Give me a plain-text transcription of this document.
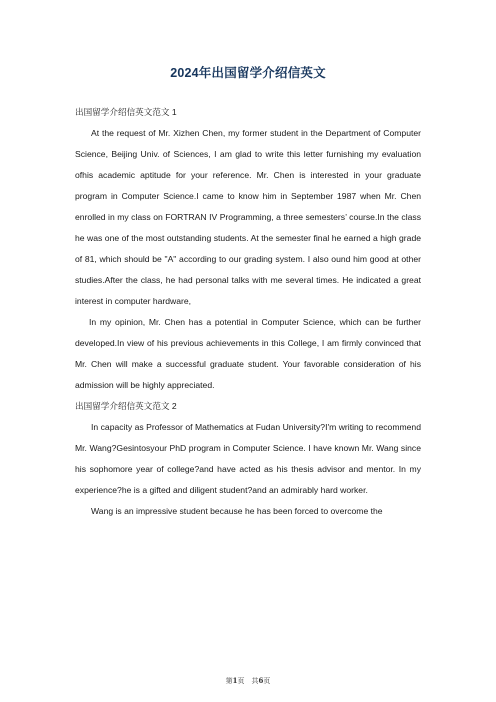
2024年出国留学介绍信英文

出国留学介绍信英文范文 1

At the request of Mr. Xizhen Chen, my former student in the Department of Computer Science, Beijing Univ. of Sciences, I am glad to write this letter furnishing my evaluation ofhis academic aptitude for your reference. Mr. Chen is interested in your graduate program in Computer Science.I came to know him in September 1987 when Mr. Chen enrolled in my class on FORTRAN IV Programming, a three semesters’ course.In the class he was one of the most outstanding students. At the semester final he earned a high grade of 81, which should be "A" according to our grading system. I also ound him good at other studies.After the class, he had personal talks with me several times. He indicated a great interest in computer hardware,

In my opinion, Mr. Chen has a potential in Computer Science, which can be further developed.In view of his previous achievements in this College, I am firmly convinced that Mr. Chen will make a successful graduate student. Your favorable consideration of his admission will be highly appreciated.

出国留学介绍信英文范文 2

In capacity as Professor of Mathematics at Fudan University?I'm writing to recommend Mr. Wang?Gesintosyour PhD program in Computer Science. I have known Mr. Wang since his sophomore year of college?and have acted as his thesis advisor and mentor. In my experience?he is a gifted and diligent student?and an admirably hard worker.

Wang is an impressive student because he has been forced to overcome the

第1页　共6页
